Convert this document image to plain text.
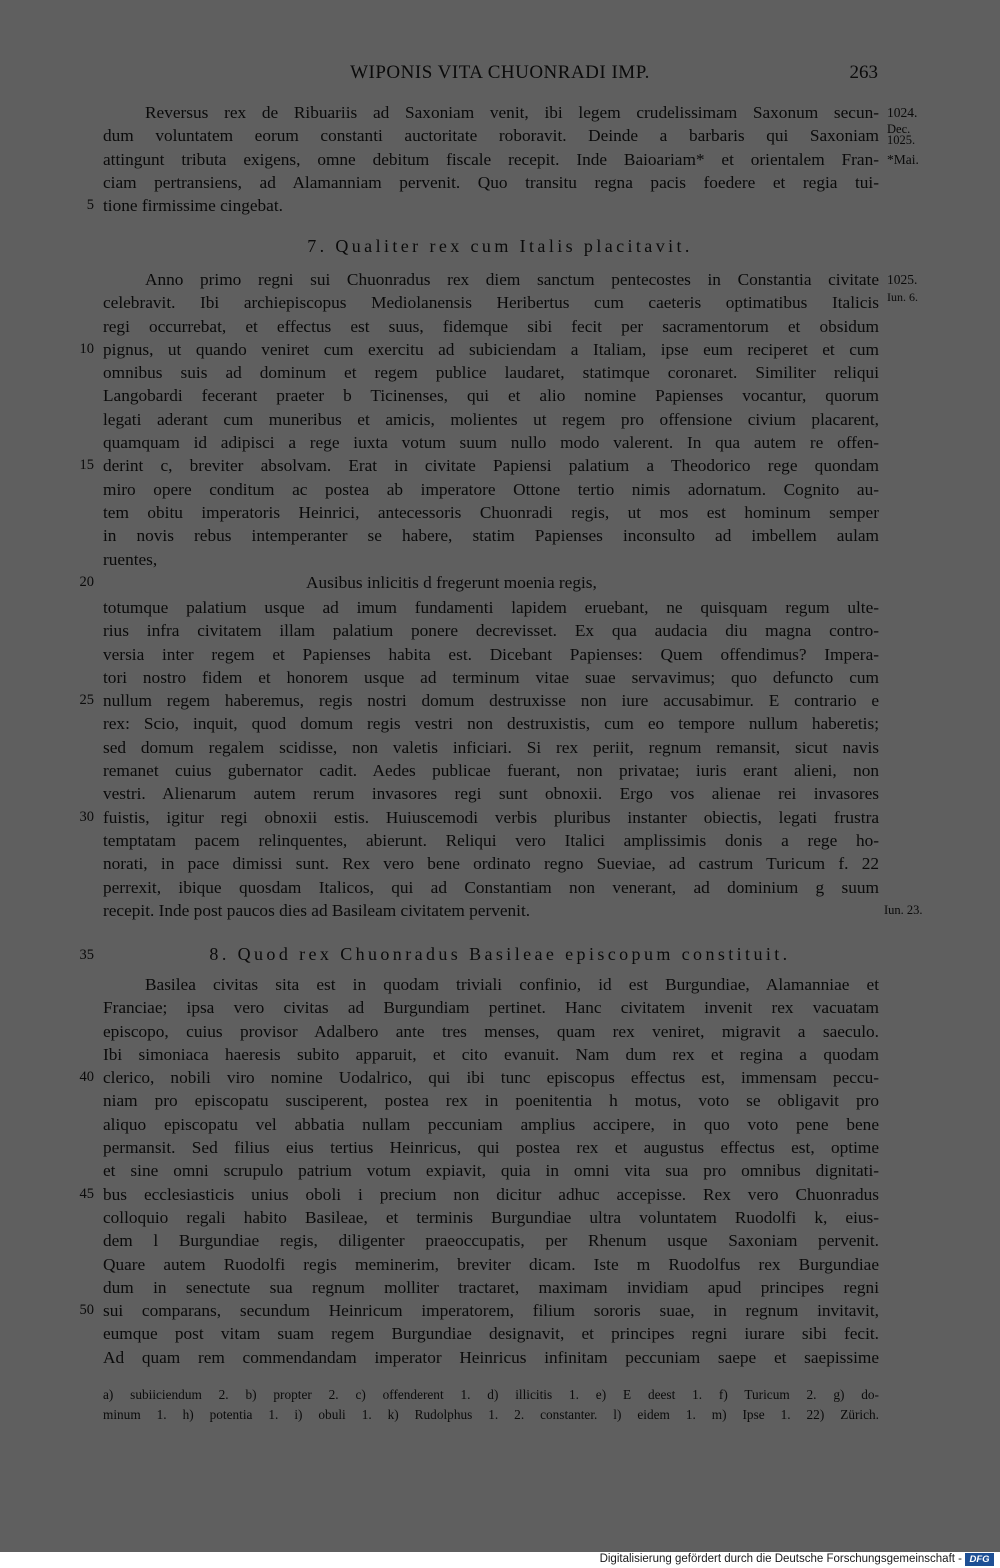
WIPONIS VITA CHUONRADI IMP.	263
Reversus rex de Ribuariis ad Saxoniam venit, ibi legem crudelissimam Saxonum secun- 1024.
dum voluntatem eorum constanti auctoritate roboravit. Deinde a barbaris qui Saxoniam Dec.
1025.
attingunt tributa exigens, omne debitum fiscale recepit. Inde Baioariam* et orientalem Fran- *Mai.
ciam pertransiens, ad Alamanniam pervenit. Quo transitu regna pacis foedere et regia tui-
5 tione firmissime cingebat.
7. Qualiter rex cum Italis placitavit.
Anno primo regni sui Chuonradus rex diem sanctum pentecostes in Constantia civitate 1025.
celebravit. Ibi archiepiscopus Mediolanensis Heribertus cum caeteris optimatibus Italicis Iun. 6.
regi occurrebat, et effectus est suus, fidemque sibi fecit per sacramentorum et obsidum
10 pignus, ut quando veniret cum exercitu ad subiciendam a Italiam, ipse eum reciperet et cum
omnibus suis ad dominum et regem publice laudaret, statimque coronaret. Similiter reliqui
Langobardi fecerant praeter b Ticinenses, qui et alio nomine Papienses vocantur, quorum
legati aderant cum muneribus et amicis, molientes ut regem pro offensione civium placarent,
quamquam id adipisci a rege iuxta votum suum nullo modo valerent. In qua autem re offen-
15 derint c, breviter absolvam. Erat in civitate Papiensi palatium a Theodorico rege quondam
miro opere conditum ac postea ab imperatore Ottone tertio nimis adornatum. Cognito au-
tem obitu imperatoris Heinrici, antecessoris Chuonradi regis, ut mos est hominum semper
in novis rebus intemperanter se habere, statim Papienses inconsulto ad imbellem aulam
ruentes,
20	Ausibus inlicitis d fregerunt moenia regis,
totumque palatium usque ad imum fundamenti lapidem eruebant, ne quisquam regum ulte-
rius infra civitatem illam palatium ponere decrevisset. Ex qua audacia diu magna contro-
versia inter regem et Papienses habita est. Dicebant Papienses: Quem offendimus? Impera-
tori nostro fidem et honorem usque ad terminum vitae suae servavimus; quo defuncto cum
25 nullum regem haberemus, regis nostri domum destruxisse non iure accusabimur. E contrario e
rex: Scio, inquit, quod domum regis vestri non destruxistis, cum eo tempore nullum haberetis;
sed domum regalem scidisse, non valetis inficiari. Si rex periit, regnum remansit, sicut navis
remanet cuius gubernator cadit. Aedes publicae fuerant, non privatae; iuris erant alieni, non
vestri. Alienarum autem rerum invasores regi sunt obnoxii. Ergo vos alienae rei invasores
30 fuistis, igitur regi obnoxii estis. Huiuscemodi verbis pluribus instanter obiectis, legati frustra
temptatam pacem relinquentes, abierunt. Reliqui vero Italici amplissimis donis a rege ho-
norati, in pace dimissi sunt. Rex vero bene ordinato regno Sueviae, ad castrum Turicum f. 22
perrexit, ibique quosdam Italicos, qui ad Constantiam non venerant, ad dominium g suum
recepit. Inde post paucos dies ad Basileam civitatem pervenit.	Iun. 23.
35	8. Quod rex Chuonradus Basileae episcopum constituit.
Basilea civitas sita est in quodam triviali confinio, id est Burgundiae, Alamanniae et
Franciae; ipsa vero civitas ad Burgundiam pertinet. Hanc civitatem invenit rex vacuatam
episcopo, cuius provisor Adalbero ante tres menses, quam rex veniret, migravit a saeculo.
Ibi simoniaca haeresis subito apparuit, et cito evanuit. Nam dum rex et regina a quodam
40 clerico, nobili viro nomine Uodalrico, qui ibi tunc episcopus effectus est, immensam peccu-
niam pro episcopatu susciperent, postea rex in poenitentia h motus, voto se obligavit pro
aliquo episcopatu vel abbatia nullam peccuniam amplius accipere, in quo voto pene bene
permansit. Sed filius eius tertius Heinricus, qui postea rex et augustus effectus est, optime
et sine omni scrupulo patrium votum expiavit, quia in omni vita sua pro omnibus dignitati-
45 bus ecclesiasticis unius oboli i precium non dicitur adhuc accepisse. Rex vero Chuonradus
colloquio regali habito Basileae, et terminis Burgundiae ultra voluntatem Ruodolfi k, eius-
dem l Burgundiae regis, diligenter praeoccupatis, per Rhenum usque Saxoniam pervenit.
Quare autem Ruodolfi regis meminerim, breviter dicam. Iste m Ruodolfus rex Burgundiae
dum in senectute sua regnum molliter tractaret, maximam invidiam apud principes regni
50 sui comparans, secundum Heinricum imperatorem, filium sororis suae, in regnum invitavit,
eumque post vitam suam regem Burgundiae designavit, et principes regni iurare sibi fecit.
Ad quam rem commendandam imperator Heinricus infinitam peccuniam saepe et saepissime
a) subiiciendum 2. b) propter 2. c) offenderent 1. d) illicitis 1. e) E deest 1. f) Turicum 2. g) do-
minum 1. h) potentia 1. i) obuli 1. k) Rudolphus 1. 2. constanter. l) eidem 1. m) Ipse 1. 22) Zürich.
Digitalisierung gefördert durch die Deutsche Forschungsgemeinschaft - DFG
